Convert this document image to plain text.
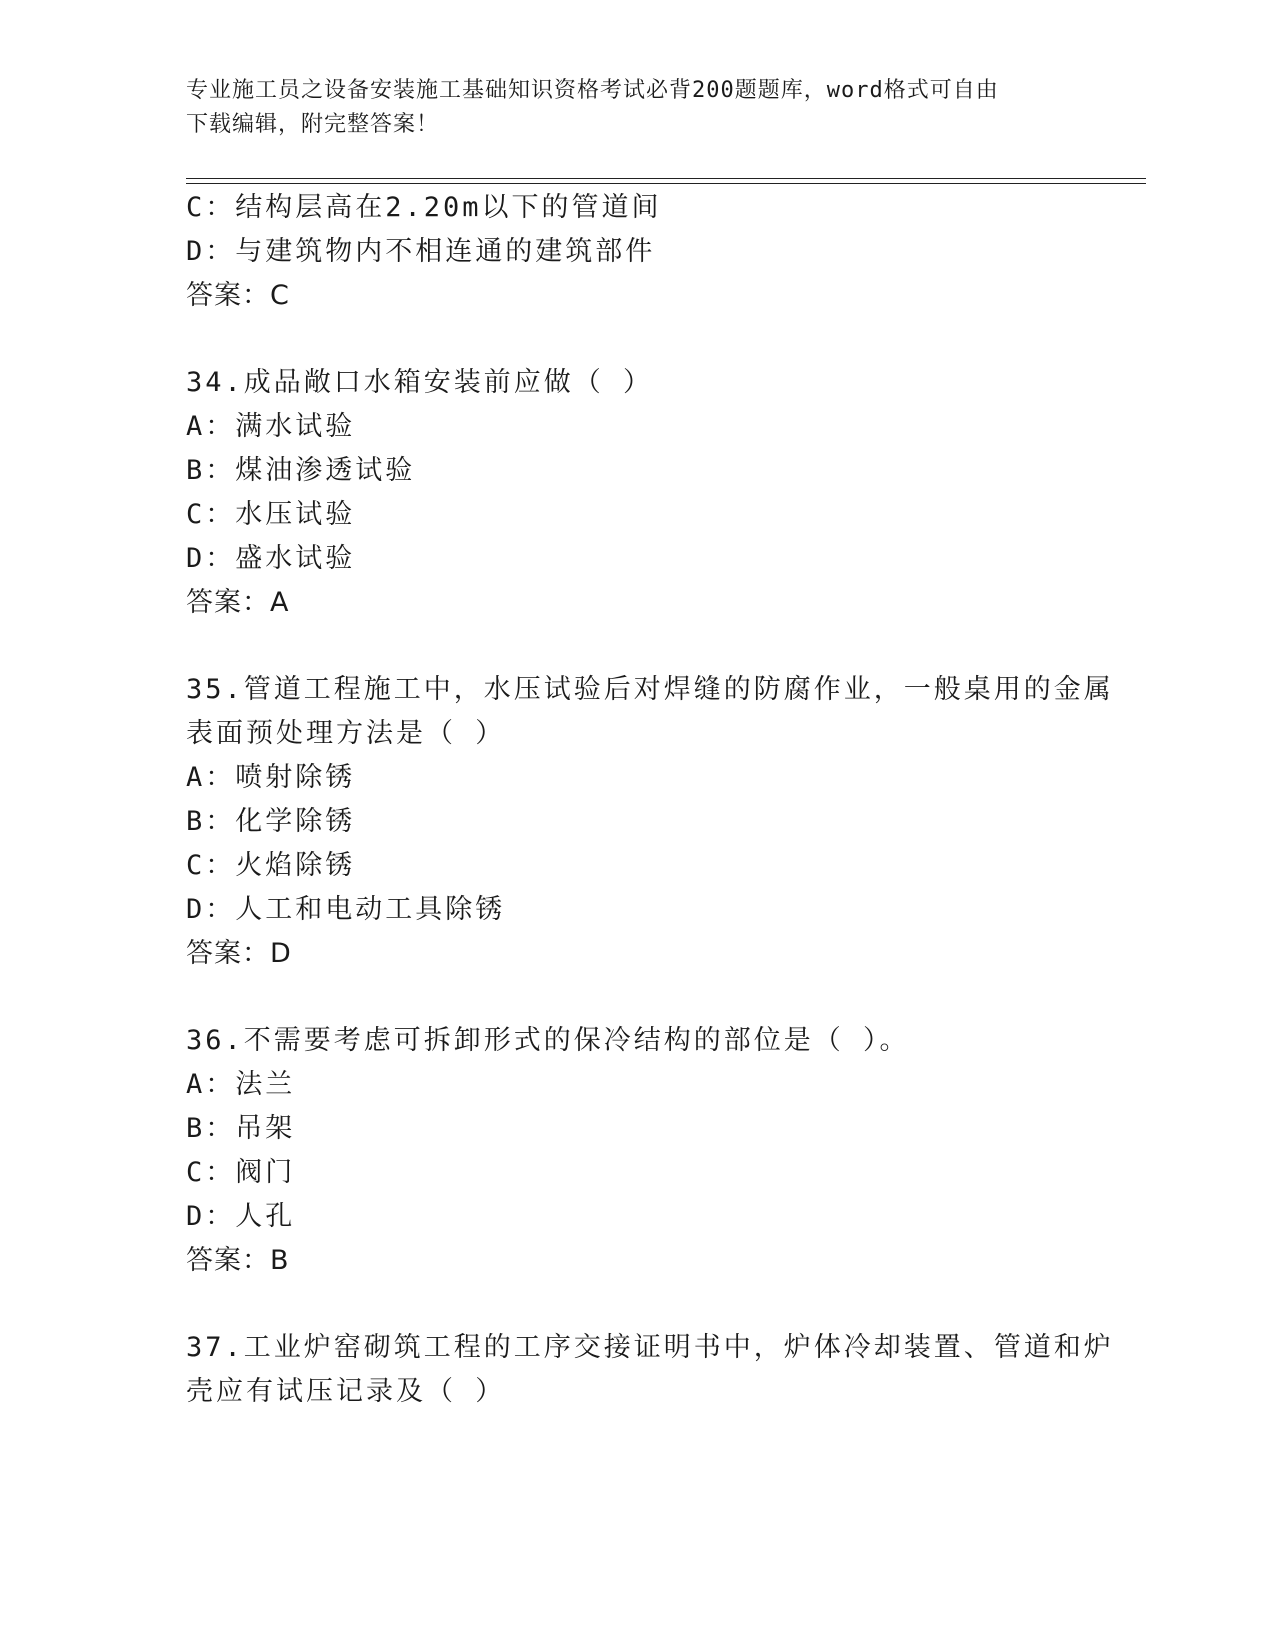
专业施工员之设备安装施工基础知识资格考试必背200题题库，word格式可自由
下载编辑，附完整答案！
C：结构层高在2.20m以下的管道间
D：与建筑物内不相连通的建筑部件
答案：C
34.成品敞口水箱安装前应做（ ）
A：满水试验
B：煤油渗透试验
C：水压试验
D：盛水试验
答案：A
35.管道工程施工中，水压试验后对焊缝的防腐作业，一般桌用的金属
表面预处理方法是（ ）
A：喷射除锈
B：化学除锈
C：火焰除锈
D：人工和电动工具除锈
答案：D
36.不需要考虑可拆卸形式的保冷结构的部位是（ ）。
A：法兰
B：吊架
C：阀门
D：人孔
答案：B
37.工业炉窑砌筑工程的工序交接证明书中，炉体冷却装置、管道和炉
壳应有试压记录及（ ）
